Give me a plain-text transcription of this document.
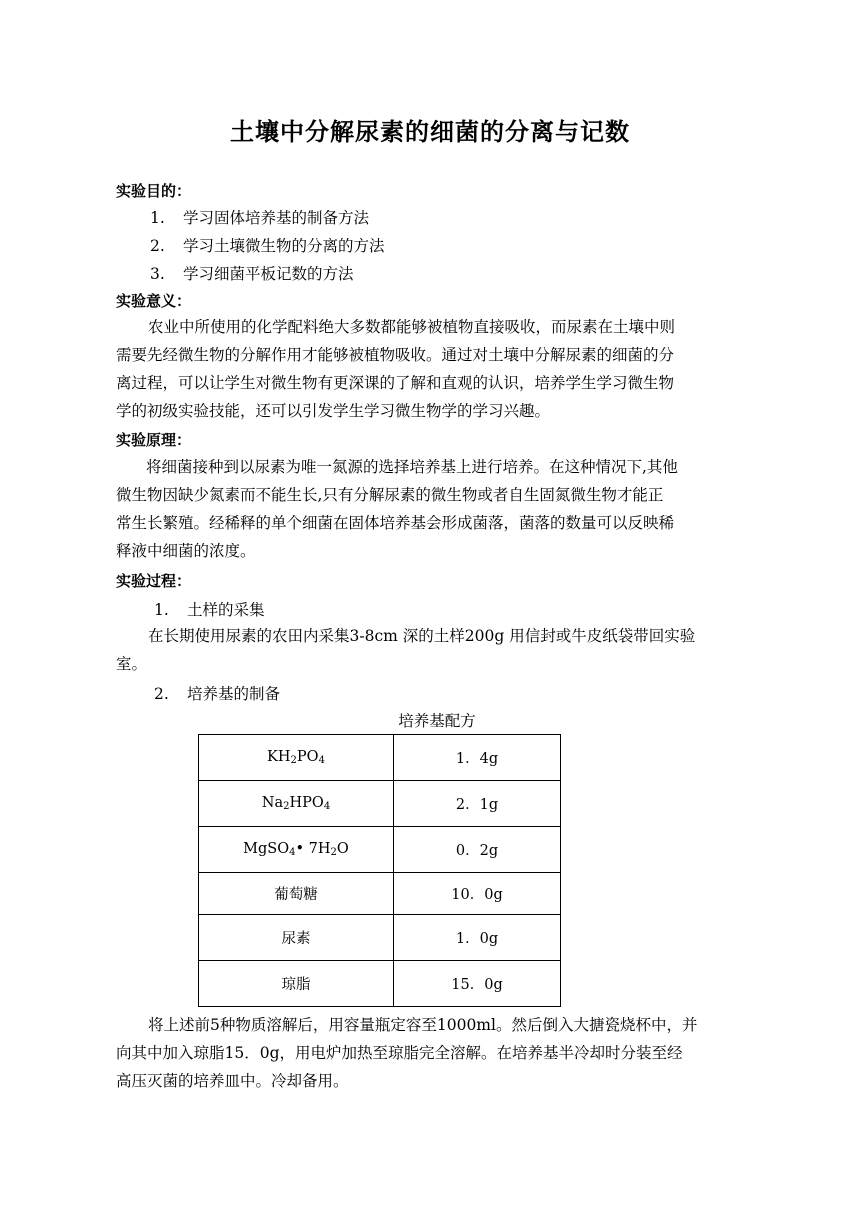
土壤中分解尿素的细菌的分离与记数
实验目的：
1. 学习固体培养基的制备方法
2. 学习土壤微生物的分离的方法
3. 学习细菌平板记数的方法
实验意义：
农业中所使用的化学配料绝大多数都能够被植物直接吸收，而尿素在土壤中则
需要先经微生物的分解作用才能够被植物吸收。通过对土壤中分解尿素的细菌的分
离过程，可以让学生对微生物有更深课的了解和直观的认识，培养学生学习微生物
学的初级实验技能，还可以引发学生学习微生物学的学习兴趣。
实验原理：
将细菌接种到以尿素为唯一氮源的选择培养基上进行培养。在这种情况下,其他
微生物因缺少氮素而不能生长,只有分解尿素的微生物或者自生固氮微生物才能正
常生长繁殖。经稀释的单个细菌在固体培养基会形成菌落，菌落的数量可以反映稀
释液中细菌的浓度。
实验过程：
1. 土样的采集
在长期使用尿素的农田内采集3-8cm 深的土样200g 用信封或牛皮纸袋带回实验
室。
2. 培养基的制备
培养基配方
$KH_2PO_4$	1．4g
$Na_2HPO_4$	2．1g
MgSO$_4$• $7H_2O$	0．2g
葡萄糖	10．0g
尿素	1．0g
琼脂	15．0g
将上述前5种物质溶解后，用容量瓶定容至1000ml。然后倒入大搪瓷烧杯中，并
向其中加入琼脂15．0g，用电炉加热至琼脂完全溶解。在培养基半冷却时分装至经
高压灭菌的培养皿中。冷却备用。
